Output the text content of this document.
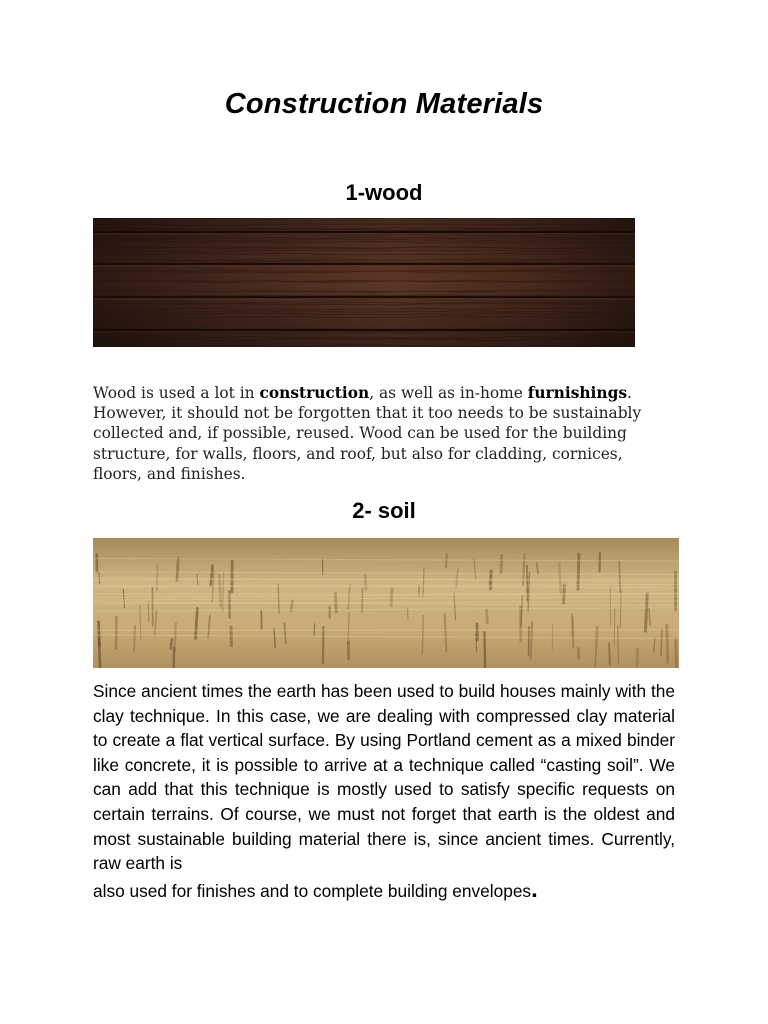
Construction Materials
1-wood
Wood is used a lot in construction, as well as in-home furnishings. However, it should not be forgotten that it too needs to be sustainably collected and, if possible, reused. Wood can be used for the building structure, for walls, floors, and roof, but also for cladding, cornices, floors, and finishes.
2- soil
Since ancient times the earth has been used to build houses mainly with the clay technique. In this case, we are dealing with compressed clay material to create a flat vertical surface. By using Portland cement as a mixed binder like concrete, it is possible to arrive at a technique called “casting soil”. We can add that this technique is mostly used to satisfy specific requests on certain terrains. Of course, we must not forget that earth is the oldest and most sustainable building material there is, since ancient times. Currently, raw earth is
also used for finishes and to complete building envelopes.
